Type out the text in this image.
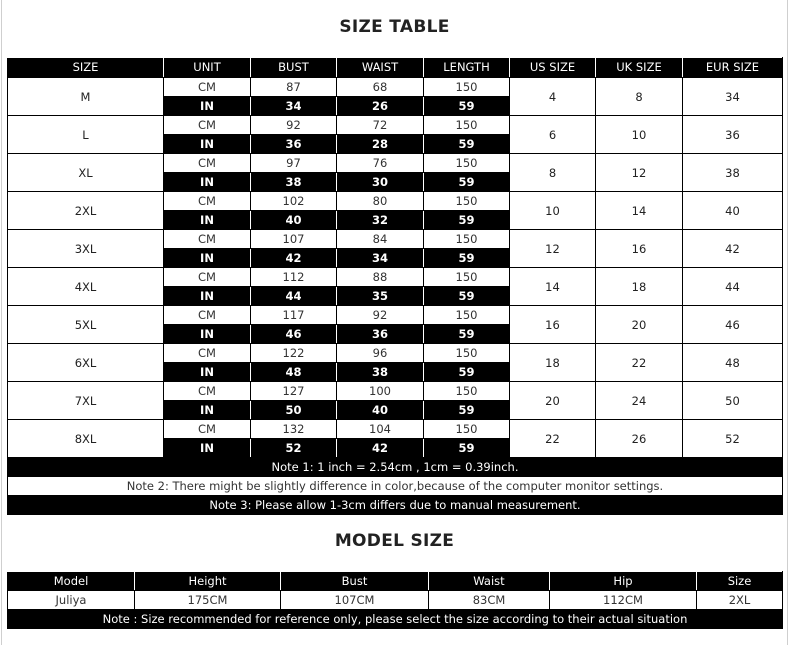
SIZE TABLE
SIZE	UNIT	BUST	WAIST	LENGTH	US SIZE	UK SIZE	EUR SIZE
M	CM	87	68	150	4	8	34
	IN	34	26	59			
L	CM	92	72	150	6	10	36
	IN	36	28	59			
XL	CM	97	76	150	8	12	38
	IN	38	30	59			
2XL	CM	102	80	150	10	14	40
	IN	40	32	59			
3XL	CM	107	84	150	12	16	42
	IN	42	34	59			
4XL	CM	112	88	150	14	18	44
	IN	44	35	59			
5XL	CM	117	92	150	16	20	46
	IN	46	36	59			
6XL	CM	122	96	150	18	22	48
	IN	48	38	59			
7XL	CM	127	100	150	20	24	50
	IN	50	40	59			
8XL	CM	132	104	150	22	26	52
	IN	52	42	59			
Note 1: 1 inch = 2.54cm , 1cm = 0.39inch.							
Note 2: There might be slightly difference in color,because of the computer monitor settings.							
Note 3: Please allow 1-3cm differs due to manual measurement.							
MODEL SIZE
Model	Height	Bust	Waist	Hip	Size
Juliya	175CM	107CM	83CM	112CM	2XL
Note : Size recommended for reference only, please select the size according to their actual situation					
